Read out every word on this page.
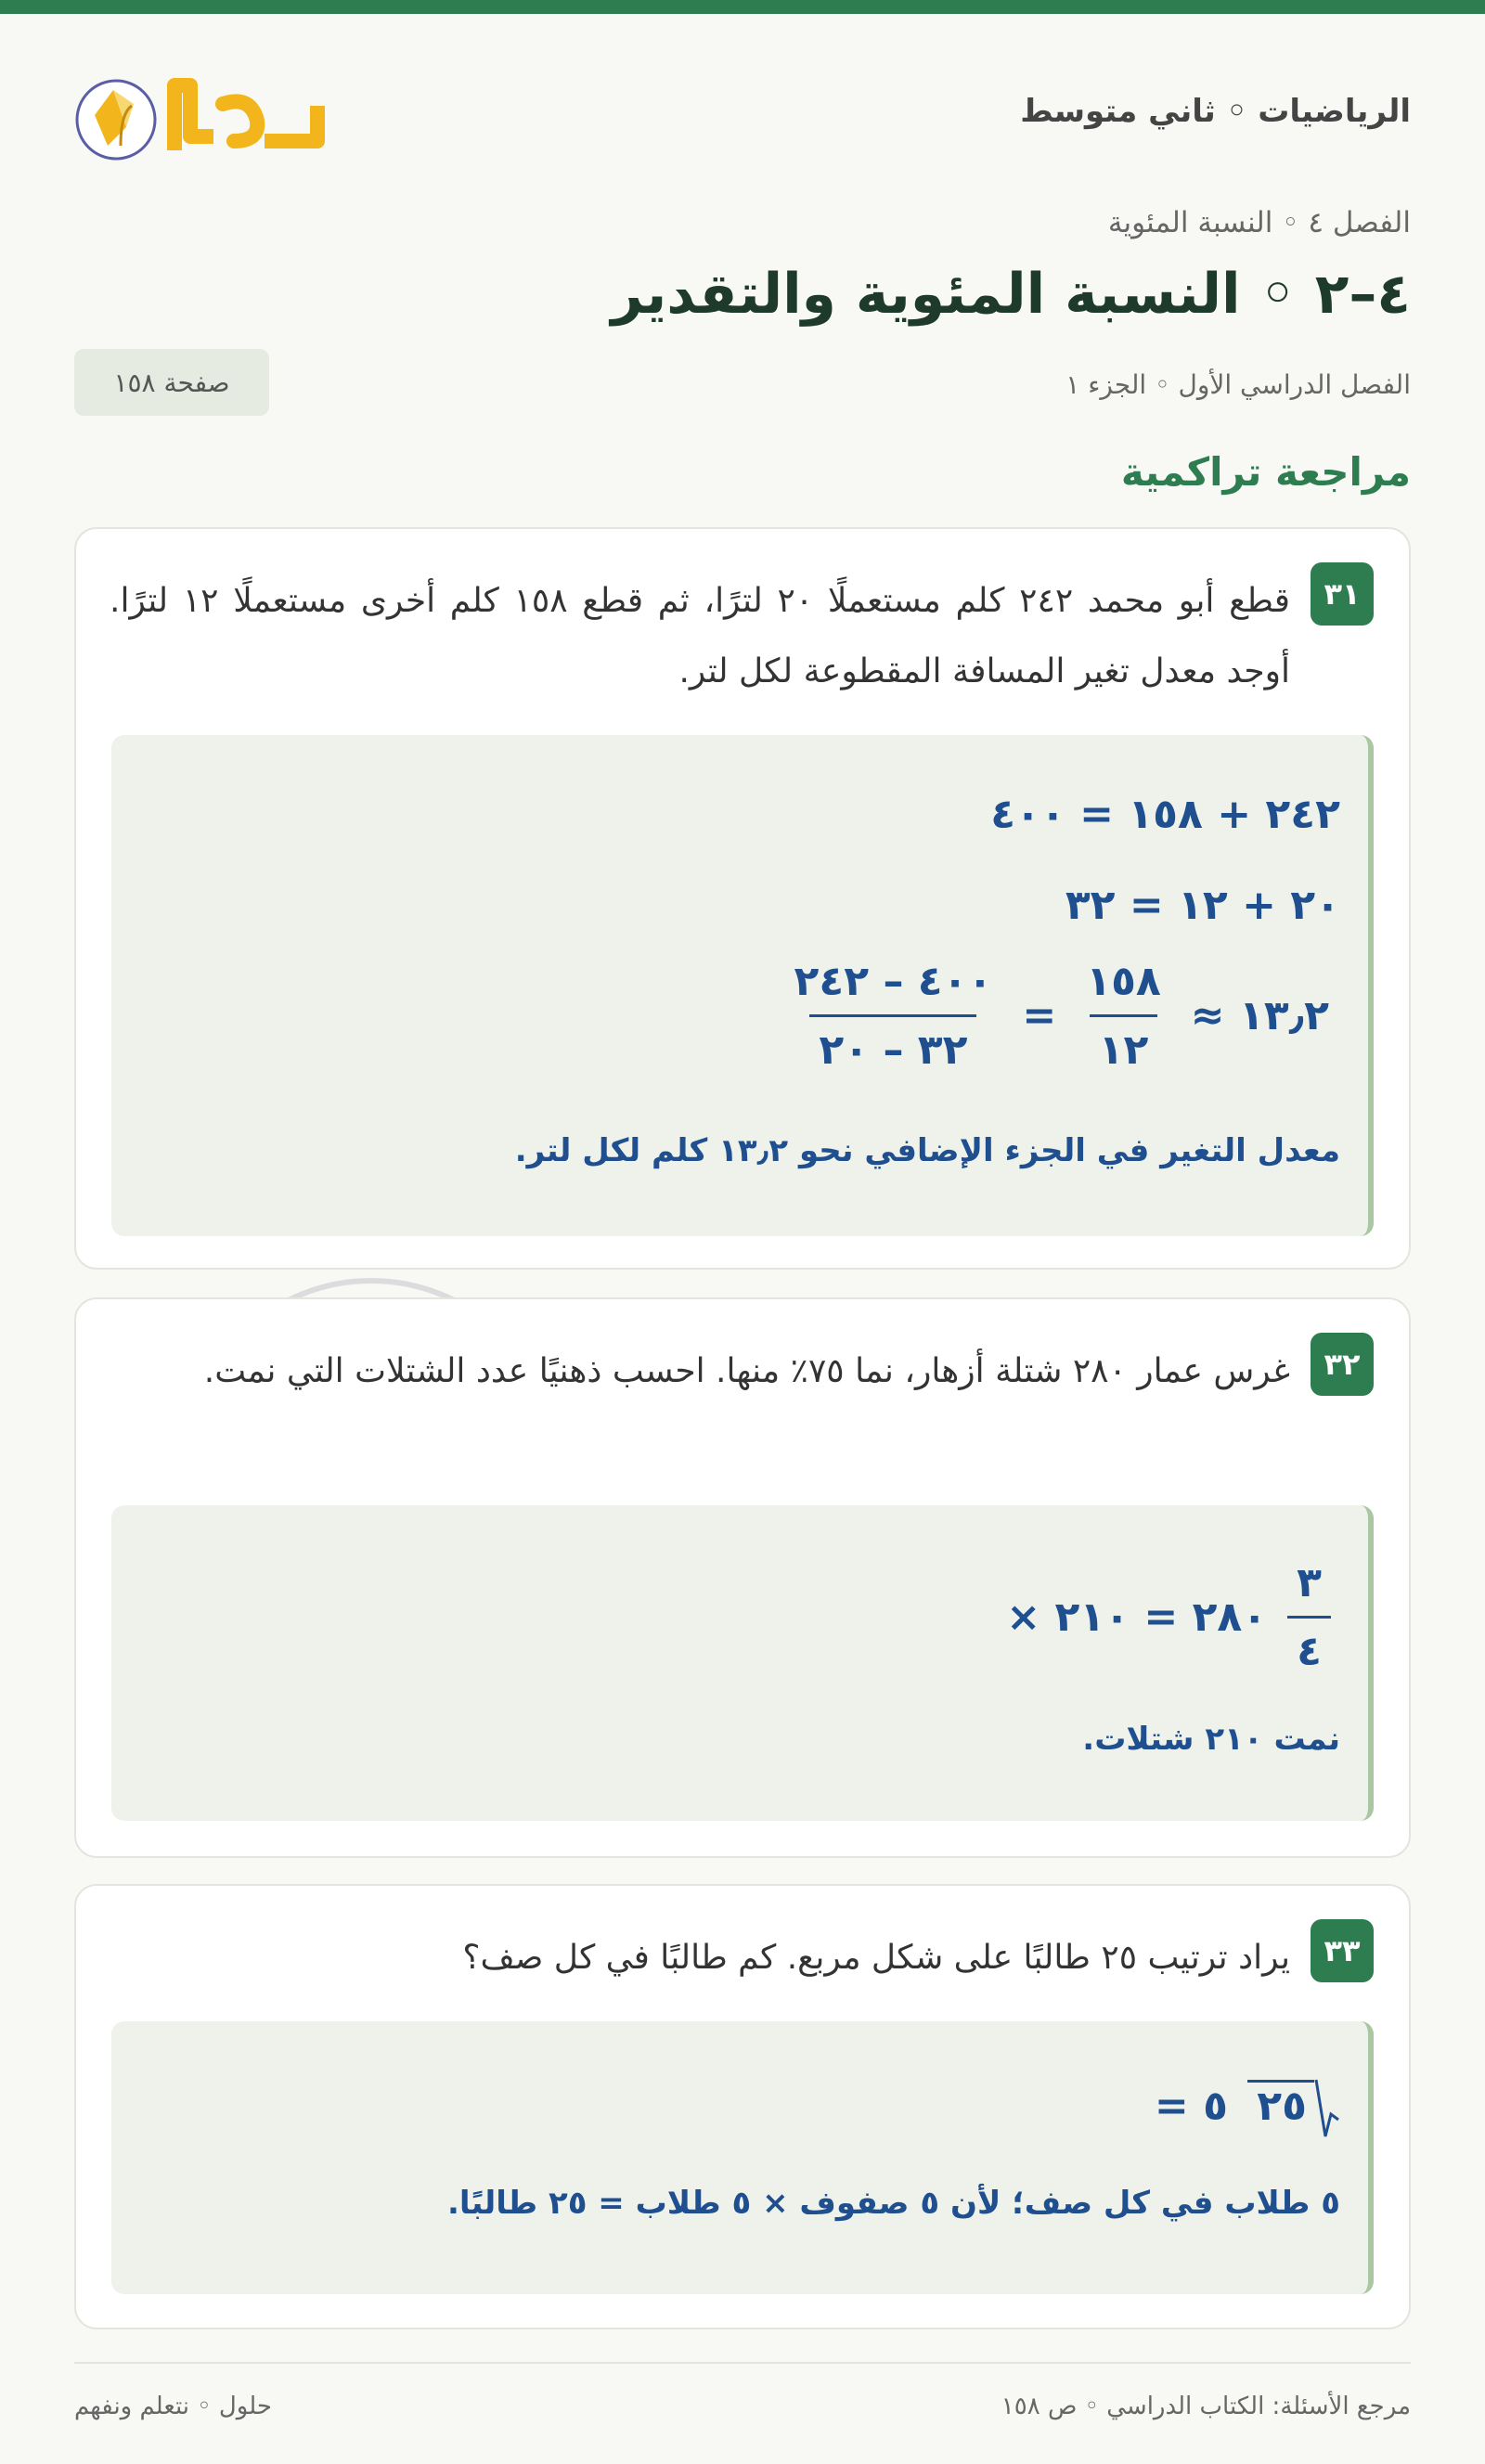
الرياضيات ◦ ثاني متوسط
الفصل ٤ ◦ النسبة المئوية
٤–٢ ◦ النسبة المئوية والتقدير
الفصل الدراسي الأول ◦ الجزء ١
صفحة ١٥٨
مراجعة تراكمية
٣١
قطع أبو محمد ٢٤٢ كلم مستعملًا ٢٠ لترًا، ثم قطع ١٥٨ كلم أخرى مستعملًا ١٢ لترًا. أوجد معدل تغير المسافة المقطوعة لكل لتر.
٢٤٢ + ١٥٨ = ٤٠٠
٢٠ + ١٢ = ٣٢
$\frac{٤٠٠ - ٢٤٢}{٣٢ - ٢٠} = \frac{١٥٨}{١٢}$ ≈ ١٣٫٢
معدل التغير في الجزء الإضافي نحو ١٣٫٢ كلم لكل لتر.
٣٢
غرس عمار ٢٨٠ شتلة أزهار، نما ٧٥٪ منها. احسب ذهنيًا عدد الشتلات التي نمت.
× ٢٨٠ = ٢١٠ $\frac{٣}{٤}$
نمت ٢١٠ شتلات.
٣٣
يراد ترتيب ٢٥ طالبًا على شكل مربع. كم طالبًا في كل صف؟
= ٥ ٢٥
٥ طلاب في كل صف؛ لأن ٥ صفوف × ٥ طلاب = ٢٥ طالبًا.
حلول ◦ نتعلم ونفهم	مرجع الأسئلة: الكتاب الدراسي ◦ ص ١٥٨
